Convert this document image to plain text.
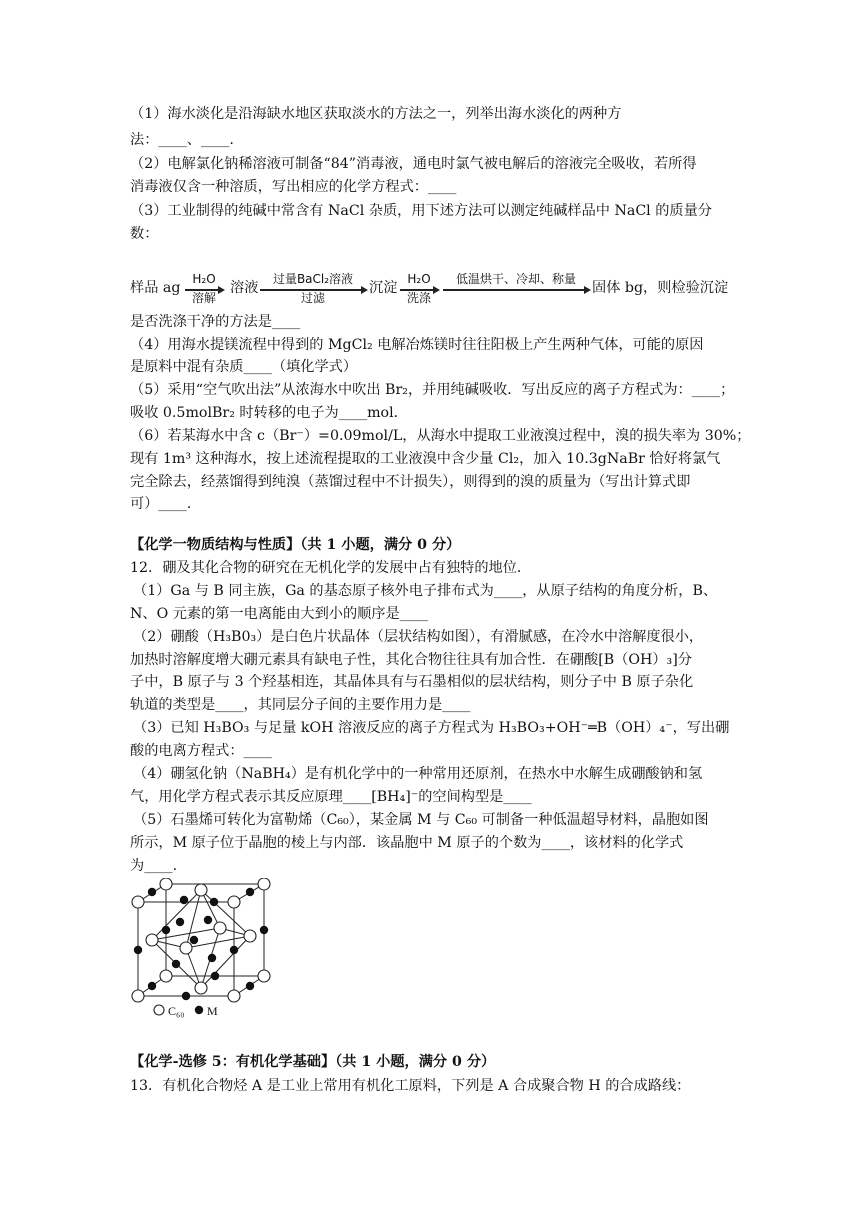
（1）海水淡化是沿海缺水地区获取淡水的方法之一，列举出海水淡化的两种方
法：____、____.
（2）电解氯化钠稀溶液可制备“84”消毒液，通电时氯气被电解后的溶液完全吸收，若所得
消毒液仅含一种溶质，写出相应的化学方程式：____
（3）工业制得的纯碱中常含有 NaCl 杂质，用下述方法可以测定纯碱样品中 NaCl 的质量分
数：
样品 ag
H₂O
溶解
溶液
过量BaCl₂溶液
过滤
沉淀
H₂O
洗涤
低温烘干、冷却、称量
固体 bg，则检验沉淀
是否洗涤干净的方法是____
（4）用海水提镁流程中得到的 MgCl₂ 电解冶炼镁时往往阳极上产生两种气体，可能的原因
是原料中混有杂质____（填化学式）
（5）采用“空气吹出法”从浓海水中吹出 Br₂，并用纯碱吸收．写出反应的离子方程式为：____；
吸收 0.5molBr₂ 时转移的电子为____mol．
（6）若某海水中含 c（Br⁻）=0.09mol/L，从海水中提取工业液溴过程中，溴的损失率为 30%；
现有 1m³ 这种海水，按上述流程提取的工业液溴中含少量 Cl₂，加入 10.3gNaBr 恰好将氯气
完全除去，经蒸馏得到纯溴（蒸馏过程中不计损失），则得到的溴的质量为（写出计算式即
可）____.
【化学一物质结构与性质】（共 1 小题，满分 0 分）
12．硼及其化合物的研究在无机化学的发展中占有独特的地位．
（1）Ga 与 B 同主族，Ga 的基态原子核外电子排布式为____，从原子结构的角度分析，B、
N、O 元素的第一电离能由大到小的顺序是____
（2）硼酸（H₃B0₃）是白色片状晶体（层状结构如图），有滑腻感，在冷水中溶解度很小，
加热时溶解度增大硼元素具有缺电子性，其化合物往往具有加合性．在硼酸[B（OH）₃]分
子中，B 原子与 3 个羟基相连，其晶体具有与石墨相似的层状结构，则分子中 B 原子杂化
轨道的类型是____，其同层分子间的主要作用力是____
（3）已知 H₃BO₃ 与足量 kOH 溶液反应的离子方程式为 H₃BO₃+OH⁻═B（OH）₄⁻，写出硼
酸的电离方程式：____
（4）硼氢化钠（NaBH₄）是有机化学中的一种常用还原剂，在热水中水解生成硼酸钠和氢
气，用化学方程式表示其反应原理____[BH₄]⁻的空间构型是____
（5）石墨烯可转化为富勒烯（C₆₀），某金属 M 与 C₆₀ 可制备一种低温超导材料，晶胞如图
所示，M 原子位于晶胞的棱上与内部．该晶胞中 M 原子的个数为____，该材料的化学式
为____.
C₆₀ M
【化学-选修 5：有机化学基础】（共 1 小题，满分 0 分）
13．有机化合物烃 A 是工业上常用有机化工原料，下列是 A 合成聚合物 H 的合成路线：
